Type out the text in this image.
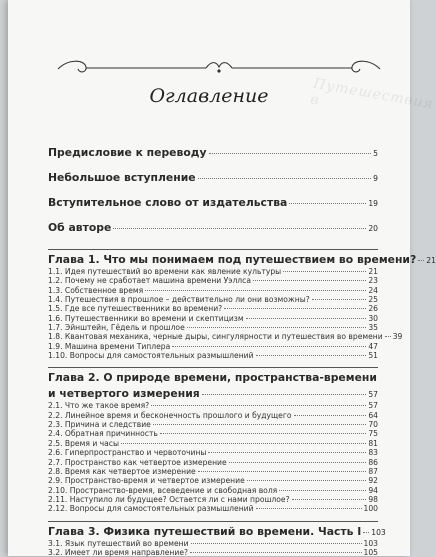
Путешествия в
Оглавление
Предисловие к переводу	5
Небольшое вступление	9
Вступительное слово от издательства	19
Об авторе	20
Глава 1. Что мы понимаем под путешествием во времени? 21
1.1. Идея путешествий во времени как явление культуры	21
1.2. Почему не сработает машина времени Уэллса	23
1.3. Собственное время	24
1.4. Путешествия в прошлое – действительно ли они возможны?	25
1.5. Где все путешественники во времени?	26
1.6. Путешественники во времени и скептицизм	30
1.7. Эйнштейн, Гёдель и прошлое	35
1.8. Квантовая механика, черные дыры, сингулярности и путешествия во времени 39
1.9. Машина времени Типлера	47
1.10. Вопросы для самостоятельных размышлений	51
Глава 2. О природе времени, пространства-времени
и четвертого измерения	57
2.1. Что же такое время?	57
2.2. Линейное время и бесконечность прошлого и будущего	64
2.3. Причина и следствие	70
2.4. Обратная причинность	75
2.5. Время и часы	81
2.6. Гиперпространство и червоточины	83
2.7. Пространство как четвертое измерение	86
2.8. Время как четвертое измерение	87
2.9. Пространство-время и четвертое измерение	92
2.10. Пространство-время, всеведение и свободная воля	94
2.11. Наступило ли будущее? Остается ли с нами прошлое?	98
2.12. Вопросы для самостоятельных размышлений	100
Глава 3. Физика путешествий во времени. Часть I 103
3.1. Язык путешествий во времени	103
3.2. Имеет ли время направление?	105
